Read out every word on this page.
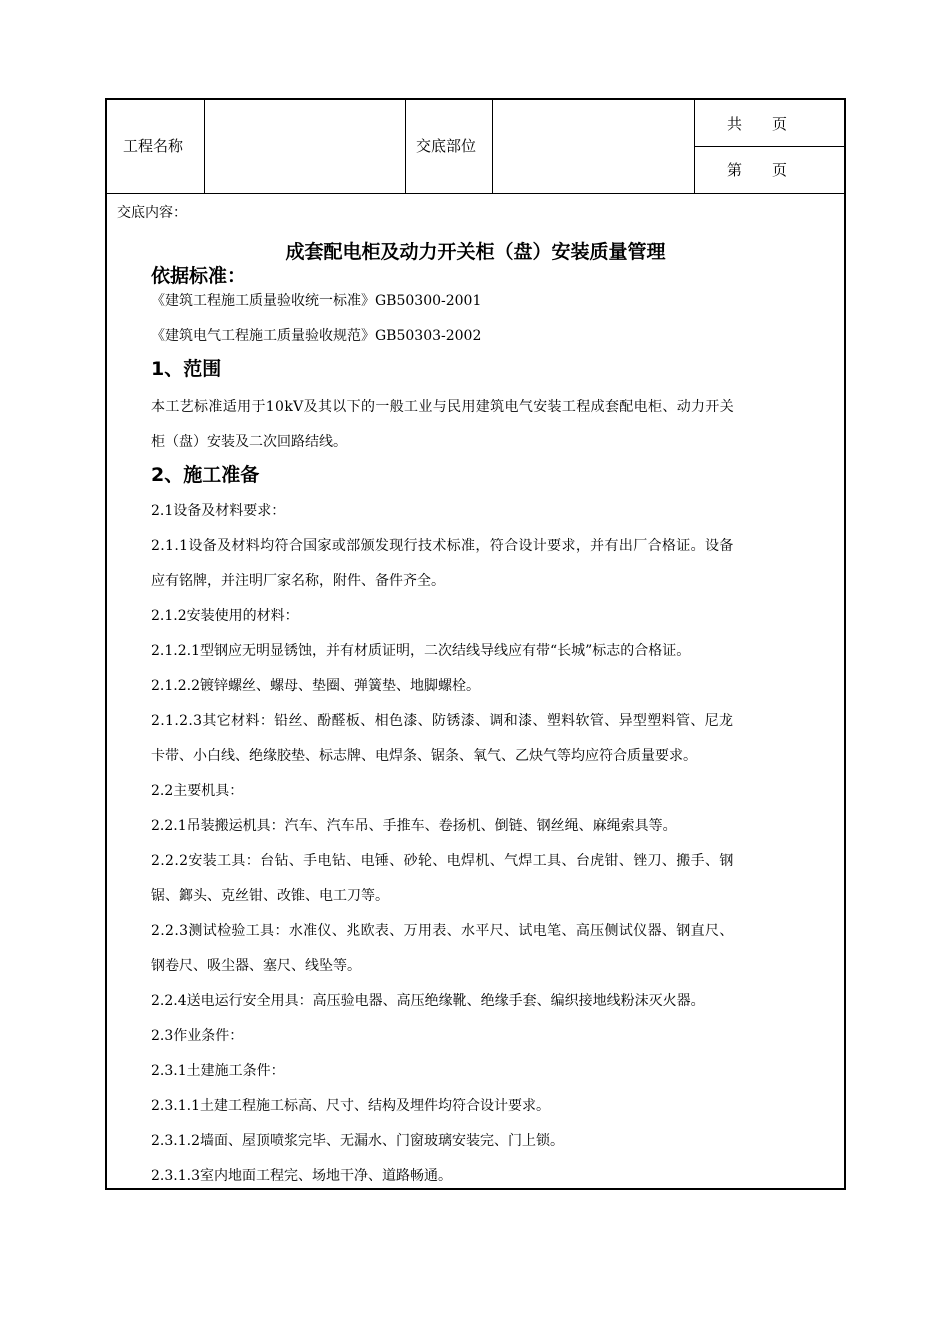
工程名称	交底部位
共　　页
第　　页
交底内容：
成套配电柜及动力开关柜（盘）安装质量管理
依据标准：
《建筑工程施工质量验收统一标准》GB50300-2001
《建筑电气工程施工质量验收规范》GB50303-2002
1、范围
本工艺标准适用于10kV及其以下的一般工业与民用建筑电气安装工程成套配电柜、动力开关
柜（盘）安装及二次回路结线。
2、施工准备
2.1设备及材料要求：
2.1.1设备及材料均符合国家或部颁发现行技术标准，符合设计要求，并有出厂合格证。设备
应有铭牌，并注明厂家名称，附件、备件齐全。
2.1.2安装使用的材料：
2.1.2.1型钢应无明显锈蚀，并有材质证明，二次结线导线应有带“长城”标志的合格证。
2.1.2.2镀锌螺丝、螺母、垫圈、弹簧垫、地脚螺栓。
2.1.2.3其它材料：铅丝、酚醛板、相色漆、防锈漆、调和漆、塑料软管、异型塑料管、尼龙
卡带、小白线、绝缘胶垫、标志牌、电焊条、锯条、氧气、乙炔气等均应符合质量要求。
2.2主要机具：
2.2.1吊装搬运机具：汽车、汽车吊、手推车、卷扬机、倒链、钢丝绳、麻绳索具等。
2.2.2安装工具：台钻、手电钻、电锤、砂轮、电焊机、气焊工具、台虎钳、锉刀、搬手、钢
锯、鎯头、克丝钳、改锥、电工刀等。
2.2.3测试检验工具：水准仪、兆欧表、万用表、水平尺、试电笔、高压侧试仪器、钢直尺、
钢卷尺、吸尘器、塞尺、线坠等。
2.2.4送电运行安全用具：高压验电器、高压绝缘靴、绝缘手套、编织接地线粉沫灭火器。
2.3作业条件：
2.3.1土建施工条件：
2.3.1.1土建工程施工标高、尺寸、结构及埋件均符合设计要求。
2.3.1.2墙面、屋顶喷浆完毕、无漏水、门窗玻璃安装完、门上锁。
2.3.1.3室内地面工程完、场地干净、道路畅通。
